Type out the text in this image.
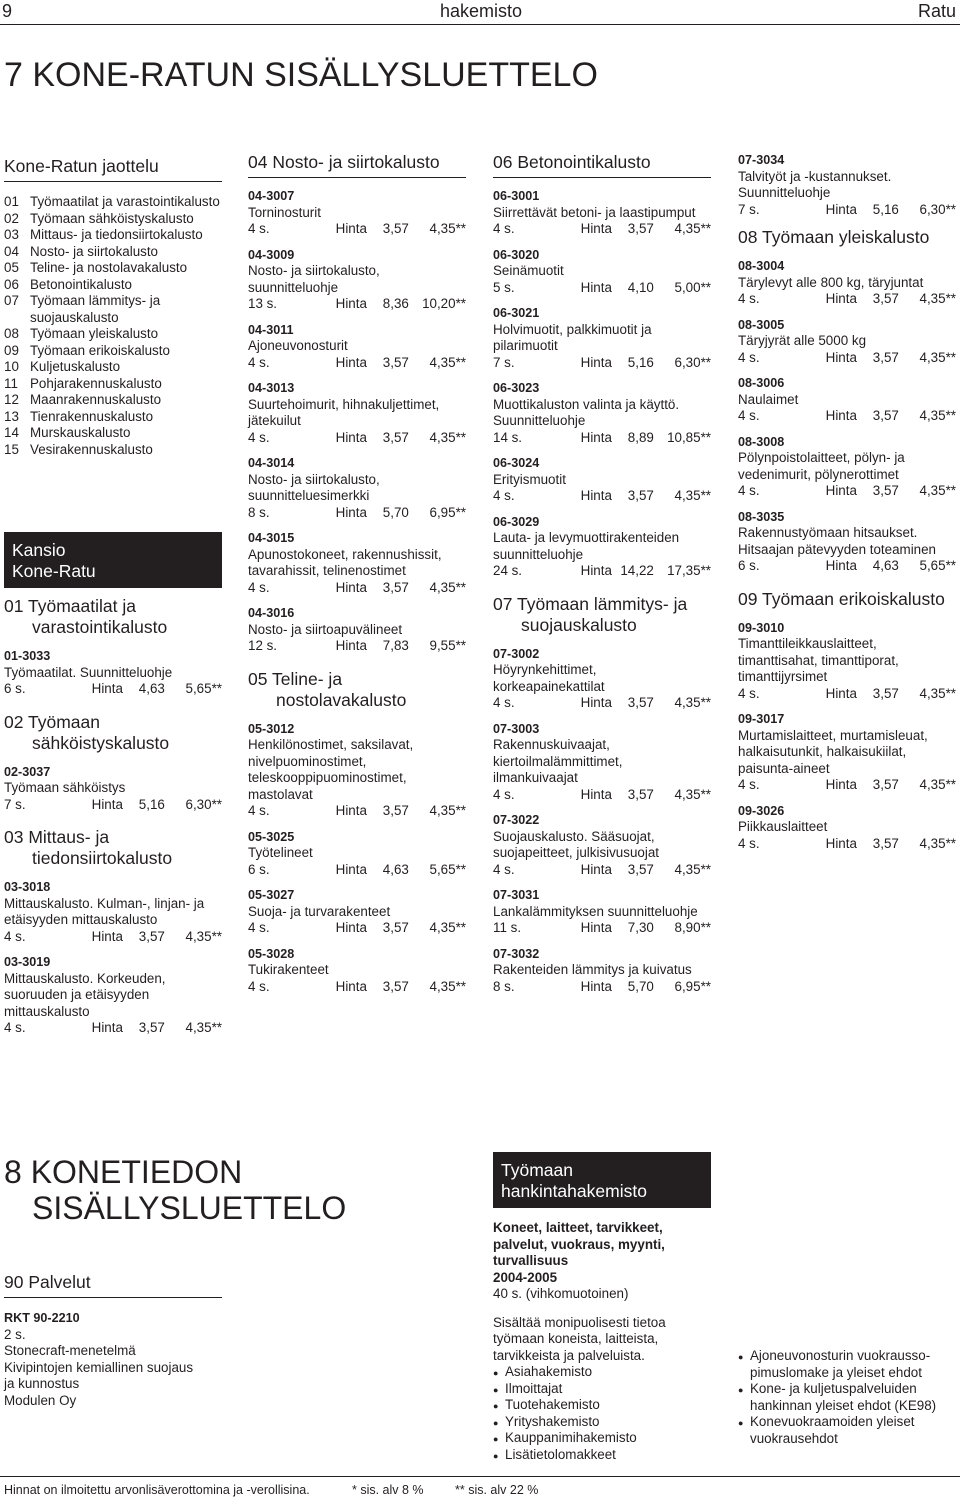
9	hakemisto	Ratu
7 KONE-RATUN SISÄLLYSLUETTELO
Kone-Ratun jaottelu
01 Työmaatilat ja varastointikalusto
02 Työmaan sähköistyskalusto
03 Mittaus- ja tiedonsiirtokalusto
04 Nosto- ja siirtokalusto
05 Teline- ja nostolavakalusto
06 Betonointikalusto
07 Työmaan lämmitys- ja suojauskalusto
08 Työmaan yleiskalusto
09 Työmaan erikoiskalusto
10 Kuljetuskalusto
11 Pohjarakennuskalusto
12 Maanrakennuskalusto
13 Tienrakennuskalusto
14 Murskauskalusto
15 Vesirakennuskalusto
Kansio
Kone-Ratu
01 Työmaatilat ja varastointikalusto

01-3033

Työmaatilat. Suunnitteluohje

6 s.	Hinta	4,63	5,65**
02 Työmaan sähköistyskalusto

02-3037

Työmaan sähköistys

7 s.	Hinta	5,16	6,30**
03 Mittaus- ja tiedonsiirtokalusto

03-3018

Mittauskalusto. Kulman-, linjan- ja etäisyyden mittauskalusto

4 s.	Hinta	3,57	4,35**

03-3019

Mittauskalusto. Korkeuden, suoruuden ja etäisyyden mittauskalusto

4 s.	Hinta	3,57	4,35**
04 Nosto- ja siirtokalusto

04-3007

Torninosturit

4 s.	Hinta	3,57	4,35**

04-3009

Nosto- ja siirtokalusto, suunnitteluohje

13 s.	Hinta	8,36 10,20**

04-3011

Ajoneuvonosturit

4 s.	Hinta	3,57	4,35**

04-3013

Suurtehoimurit, hihnakuljettimet, jätekuilut

4 s.	Hinta	3,57	4,35**

04-3014

Nosto- ja siirtokalusto, suunnitteluesimerkki

8 s.	Hinta	5,70	6,95**

04-3015

Apunostokoneet, rakennushissit, tavarahissit, telinenostimet

4 s.	Hinta	3,57	4,35**

04-3016

Nosto- ja siirtoapuvälineet

12 s.	Hinta	7,83	9,55**
05 Teline- ja nostolavakalusto

05-3012

Henkilönostimet, saksilavat, nivelpuominostimet, teleskooppipuominostimet, mastolavat

4 s.	Hinta	3,57	4,35**

05-3025

Työtelineet

6 s.	Hinta	4,63	5,65**

05-3027

Suoja- ja turvarakenteet

4 s.	Hinta	3,57	4,35**

05-3028

Tukirakenteet

4 s.	Hinta	3,57	4,35**
06 Betonointikalusto

06-3001

Siirrettävät betoni- ja laastipumput

4 s.	Hinta	3,57	4,35**

06-3020

Seinämuotit

5 s.	Hinta	4,10	5,00**

06-3021

Holvimuotit, palkkimuotit ja pilarimuotit

7 s.	Hinta	5,16	6,30**

06-3023

Muottikaluston valinta ja käyttö. Suunnitteluohje

14 s.	Hinta	8,89 10,85**

06-3024

Erityismuotit

4 s.	Hinta	3,57	4,35**

06-3029

Lauta- ja levymuottirakenteiden suunnitteluohje

24 s.	Hinta 14,22 17,35**
07 Työmaan lämmitys- ja suojauskalusto

07-3002

Höyrynkehittimet, korkeapainekattilat

4 s.	Hinta	3,57	4,35**

07-3003

Rakennuskuivaajat, kiertoilmalämmittimet, ilmankuivaajat

4 s.	Hinta	3,57	4,35**

07-3022

Suojauskalusto. Sääsuojat, suojapeitteet, julkisivusuojat

4 s.	Hinta	3,57	4,35**

07-3031

Lankalämmityksen suunnitteluohje

11 s.	Hinta	7,30	8,90**

07-3032

Rakenteiden lämmitys ja kuivatus

8 s.	Hinta	5,70	6,95**

07-3034

Talvityöt ja -kustannukset. Suunnitteluohje

7 s.	Hinta	5,16	6,30**
08 Työmaan yleiskalusto

08-3004

Tärylevyt alle 800 kg, täryjuntat

4 s.	Hinta	3,57	4,35**

08-3005

Täryjyrät alle 5000 kg

4 s.	Hinta	3,57	4,35**

08-3006

Naulaimet

4 s.	Hinta	3,57	4,35**

08-3008

Pölynpoistolaitteet, pölyn- ja vedenimurit, pölynerottimet

4 s.	Hinta	3,57	4,35**

08-3035

Rakennustyömaan hitsaukset. Hitsaajan pätevyyden toteaminen

6 s.	Hinta	4,63	5,65**
09 Työmaan erikoiskalusto

09-3010

Timanttileikkauslaitteet, timanttisahat, timanttiporat, timanttijyrsimet

4 s.	Hinta	3,57	4,35**

09-3017

Murtamislaitteet, murtamisleuat, halkaisutunkit, halkaisukiilat, paisunta-aineet

4 s.	Hinta	3,57	4,35**

09-3026

Piikkauslaitteet

4 s.	Hinta	3,57	4,35**
8 KONETIEDON
SISÄLLYSLUETTELO
90 Palvelut

RKT 90-2210

2 s.

Stonecraft-menetelmä

Kivipintojen kemiallinen suojaus

ja kunnostus

Modulen Oy

Työmaan
hankintahakemisto

Koneet, laitteet, tarvikkeet, palvelut, vuokraus, myynti, turvallisuus

2004-2005

40 s. (vihkomuotoinen)

Sisältää monipuolisesti tietoa työmaan koneista, laitteista, tarvikkeista ja palveluista.

● Asiahakemisto
● Ilmoittajat
● Tuotehakemisto
● Yrityshakemisto
● Kauppanimihakemisto
● Lisätietolomakkeet
● Ajoneuvonosturin vuokraussopimuslomake ja yleiset ehdot
● Kone- ja kuljetuspalveluiden hankinnan yleiset ehdot (KE98)
● Konevuokraamoiden yleiset vuokrausehdot
Hinnat on ilmoitettu arvonlisäverottomina ja -verollisina.	* sis. alv 8 %	** sis. alv 22 %
